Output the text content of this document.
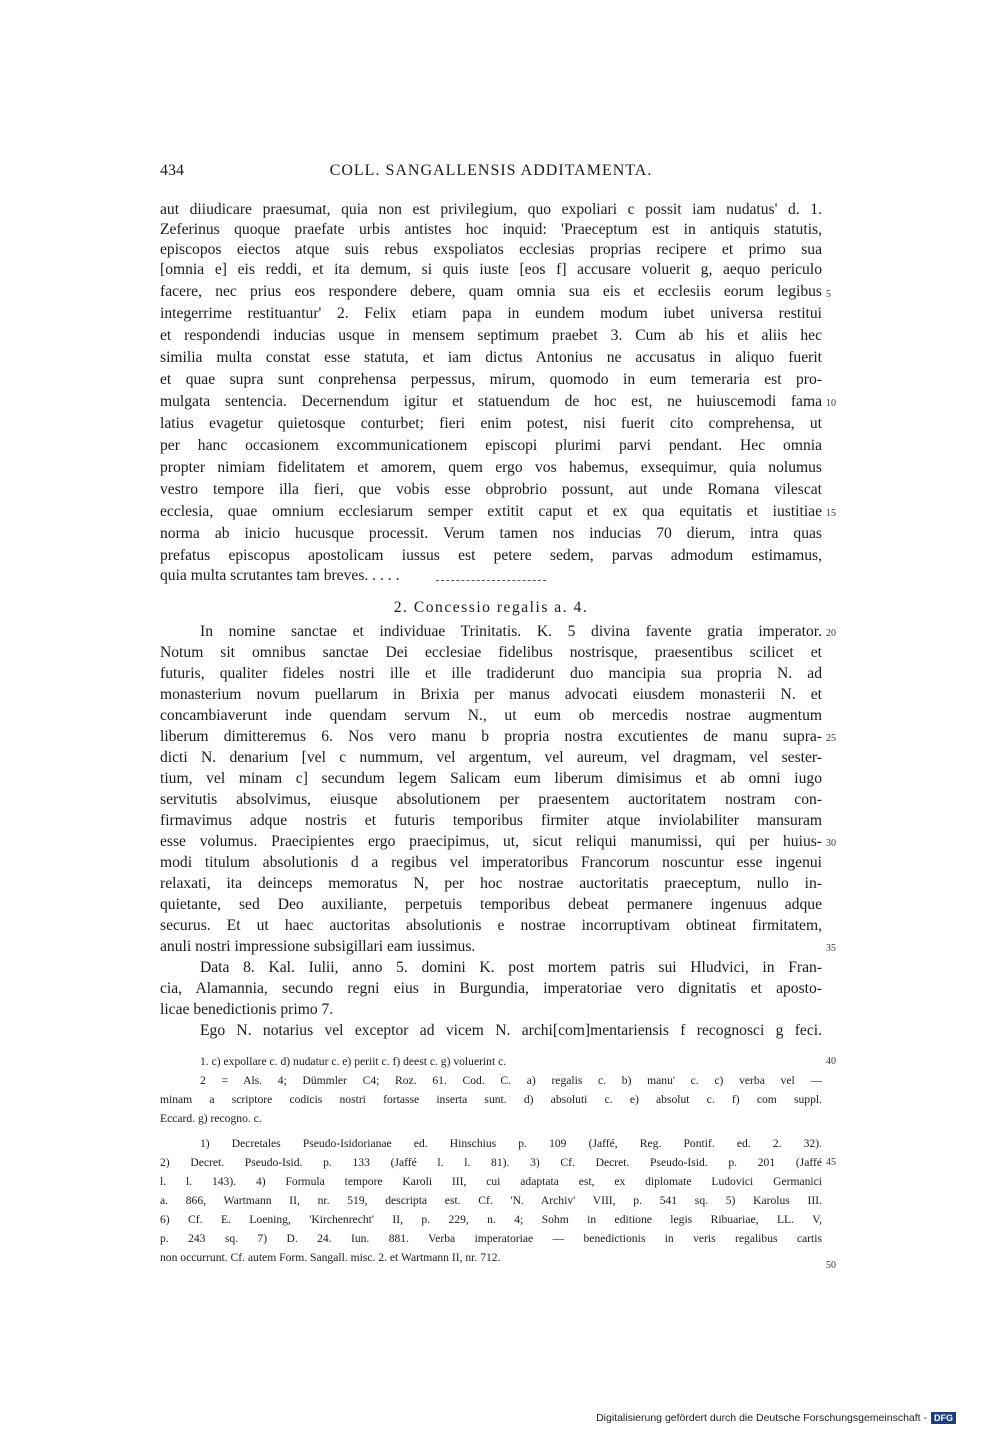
434	COLL. SANGALLENSIS ADDITAMENTA.
aut diiudicare praesumat, quia non est privilegium, quo expoliari c possit iam nudatus' d. 1.
Zeferinus quoque praefate urbis antistes hoc inquid: 'Praeceptum est in antiquis statutis,
episcopos eiectos atque suis rebus exspoliatos ecclesias proprias recipere et primo sua
[omnia e] eis reddi, et ita demum, si quis iuste [eos f] accusare voluerit g, aequo periculo
facere, nec prius eos respondere debere, quam omnia sua eis et ecclesiis eorum legibus
integerrime restituantur' 2. Felix etiam papa in eundem modum iubet universa restitui
et respondendi inducias usque in mensem septimum praebet 3. Cum ab his et aliis hec
similia multa constat esse statuta, et iam dictus Antonius ne accusatus in aliquo fuerit
et quae supra sunt conprehensa perpessus, mirum, quomodo in eum temeraria est pro-
mulgata sentencia. Decernendum igitur et statuendum de hoc est, ne huiuscemodi fama
latius evagetur quietosque conturbet; fieri enim potest, nisi fuerit cito comprehensa, ut
per hanc occasionem excommunicationem episcopi plurimi parvi pendant. Hec omnia
propter nimiam fidelitatem et amorem, quem ergo vos habemus, exsequimur, quia nolumus
vestro tempore illa fieri, que vobis esse obprobrio possunt, aut unde Romana vilescat
ecclesia, quae omnium ecclesiarum semper extitit caput et ex qua equitatis et iustitiae
norma ab inicio hucusque processit. Verum tamen nos inducias 70 dierum, intra quas
prefatus episcopus apostolicam iussus est petere sedem, parvas admodum estimamus,
quia multa scrutantes tam breves. . . . .
2. Concessio regalis a. 4.
In nomine sanctae et individuae Trinitatis. K. 5 divina favente gratia imperator.
Notum sit omnibus sanctae Dei ecclesiae fidelibus nostrisque, praesentibus scilicet et
futuris, qualiter fideles nostri ille et ille tradiderunt duo mancipia sua propria N. ad
monasterium novum puellarum in Brixia per manus advocati eiusdem monasterii N. et
concambiaverunt inde quendam servum N., ut eum ob mercedis nostrae augmentum
liberum dimitteremus 6. Nos vero manu b propria nostra excutientes de manu supra-
dicti N. denarium [vel c nummum, vel argentum, vel aureum, vel dragmam, vel sester-
tium, vel minam c] secundum legem Salicam eum liberum dimisimus et ab omni iugo
servitutis absolvimus, eiusque absolutionem per praesentem auctoritatem nostram con-
firmavimus adque nostris et futuris temporibus firmiter atque inviolabiliter mansuram
esse volumus. Praecipientes ergo praecipimus, ut, sicut reliqui manumissi, qui per huius-
modi titulum absolutionis d a regibus vel imperatoribus Francorum noscuntur esse ingenui
relaxati, ita deinceps memoratus N, per hoc nostrae auctoritatis praeceptum, nullo in-
quietante, sed Deo auxiliante, perpetuis temporibus debeat permanere ingenuus adque
securus. Et ut haec auctoritas absolutionis e nostrae incorruptivam obtineat firmitatem,
anuli nostri impressione subsigillari eam iussimus.
Data 8. Kal. Iulii, anno 5. domini K. post mortem patris sui Hludvici, in Fran-
cia, Alamannia, secundo regni eius in Burgundia, imperatoriae vero dignitatis et aposto-
licae benedictionis primo 7.
Ego N. notarius vel exceptor ad vicem N. archi[com]mentariensis f recognosci g feci.
1. c) expollare c. d) nudatur c. e) periit c. f) deest c. g) voluerint c.
2 = Als. 4; Dümmler C4; Roz. 61. Cod. C. a) regalis c. b) manu' c. c) verba vel —
minam a scriptore codicis nostri fortasse inserta sunt. d) absoluti c. e) absolut c. f) com suppl.
Eccard. g) recogno. c.
1) Decretales Pseudo-Isidorianae ed. Hinschius p. 109 (Jaffé, Reg. Pontif. ed. 2. 32).
2) Decret. Pseudo-Isid. p. 133 (Jaffé l. l. 81). 3) Cf. Decret. Pseudo-Isid. p. 201 (Jaffé
l. l. 143). 4) Formula tempore Karoli III, cui adaptata est, ex diplomate Ludovici Germanici
a. 866, Wartmann II, nr. 519, descripta est. Cf. 'N. Archiv' VIII, p. 541 sq. 5) Karolus III.
6) Cf. E. Loening, 'Kirchenrecht' II, p. 229, n. 4; Sohm in editione legis Ribuariae, LL. V,
p. 243 sq. 7) D. 24. Iun. 881. Verba imperatoriae — benedictionis in veris regalibus cartis
non occurrunt. Cf. autem Form. Sangall. misc. 2. et Wartmann II, nr. 712.
5
10
15
20
25
30
35
40
45
50
Digitalisierung gefördert durch die Deutsche Forschungsgemeinschaft - DFG
